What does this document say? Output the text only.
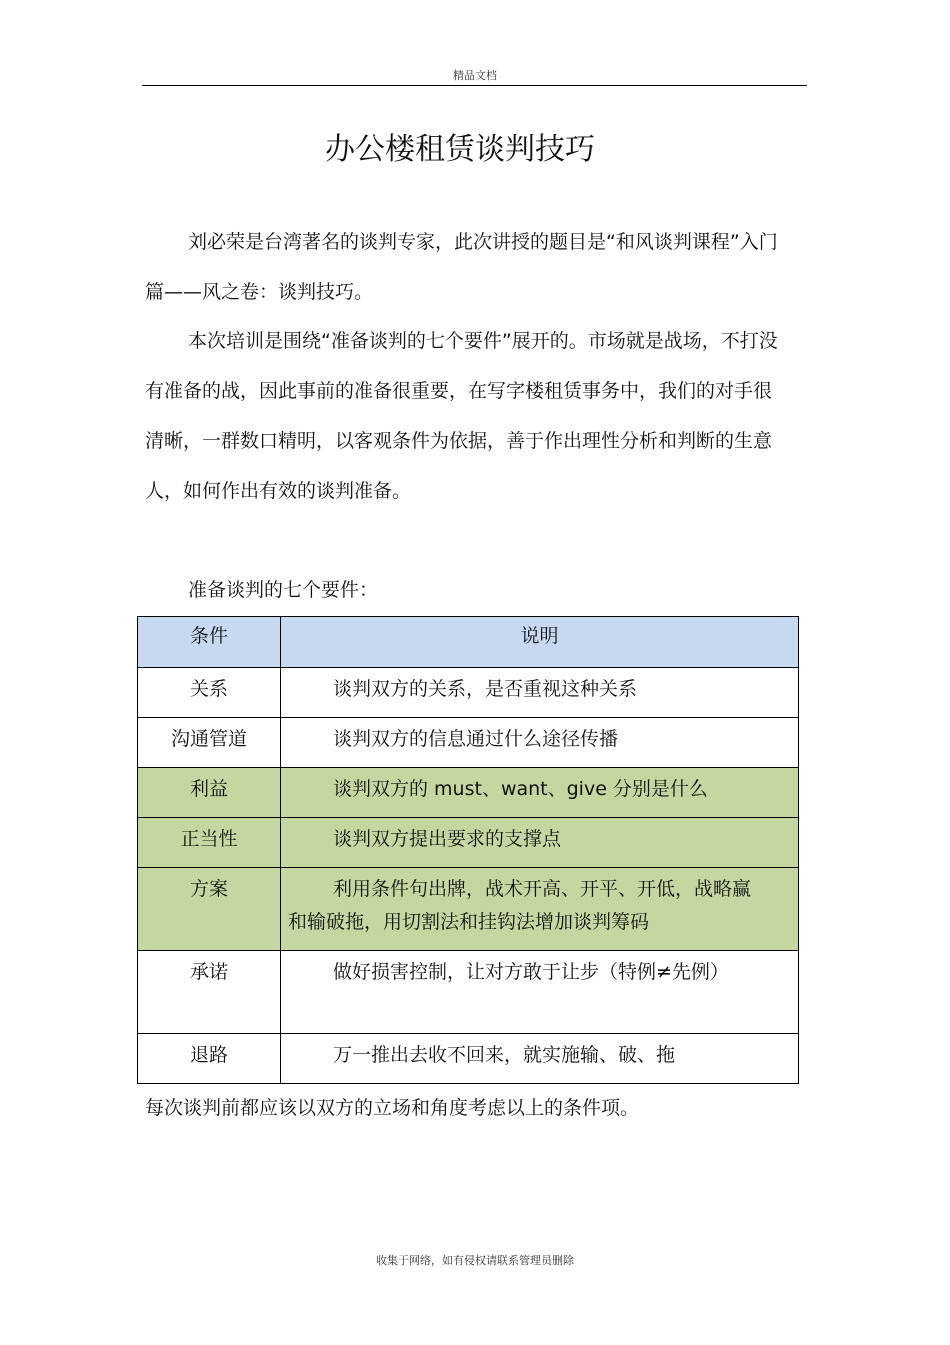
精品文档
办公楼租赁谈判技巧

刘必荣是台湾著名的谈判专家，此次讲授的题目是“和风谈判课程”入门篇——风之卷：谈判技巧。

本次培训是围绕“准备谈判的七个要件”展开的。市场就是战场，不打没有准备的战，因此事前的准备很重要，在写字楼租赁事务中，我们的对手很清晰，一群数口精明，以客观条件为依据，善于作出理性分析和判断的生意人，如何作出有效的谈判准备。

准备谈判的七个要件：

条件	说明

关系	谈判双方的关系，是否重视这种关系

沟通管道	谈判双方的信息通过什么途径传播

利益	谈判双方的 must、want、give 分别是什么

正当性	谈判双方提出要求的支撑点

方案	利用条件句出牌，战术开高、开平、开低，战略赢和输破拖，用切割法和挂钩法增加谈判筹码

承诺	做好损害控制，让对方敢于让步（特例≠先例）

退路	万一推出去收不回来，就实施输、破、拖

每次谈判前都应该以双方的立场和角度考虑以上的条件项。

收集于网络，如有侵权请联系管理员删除
